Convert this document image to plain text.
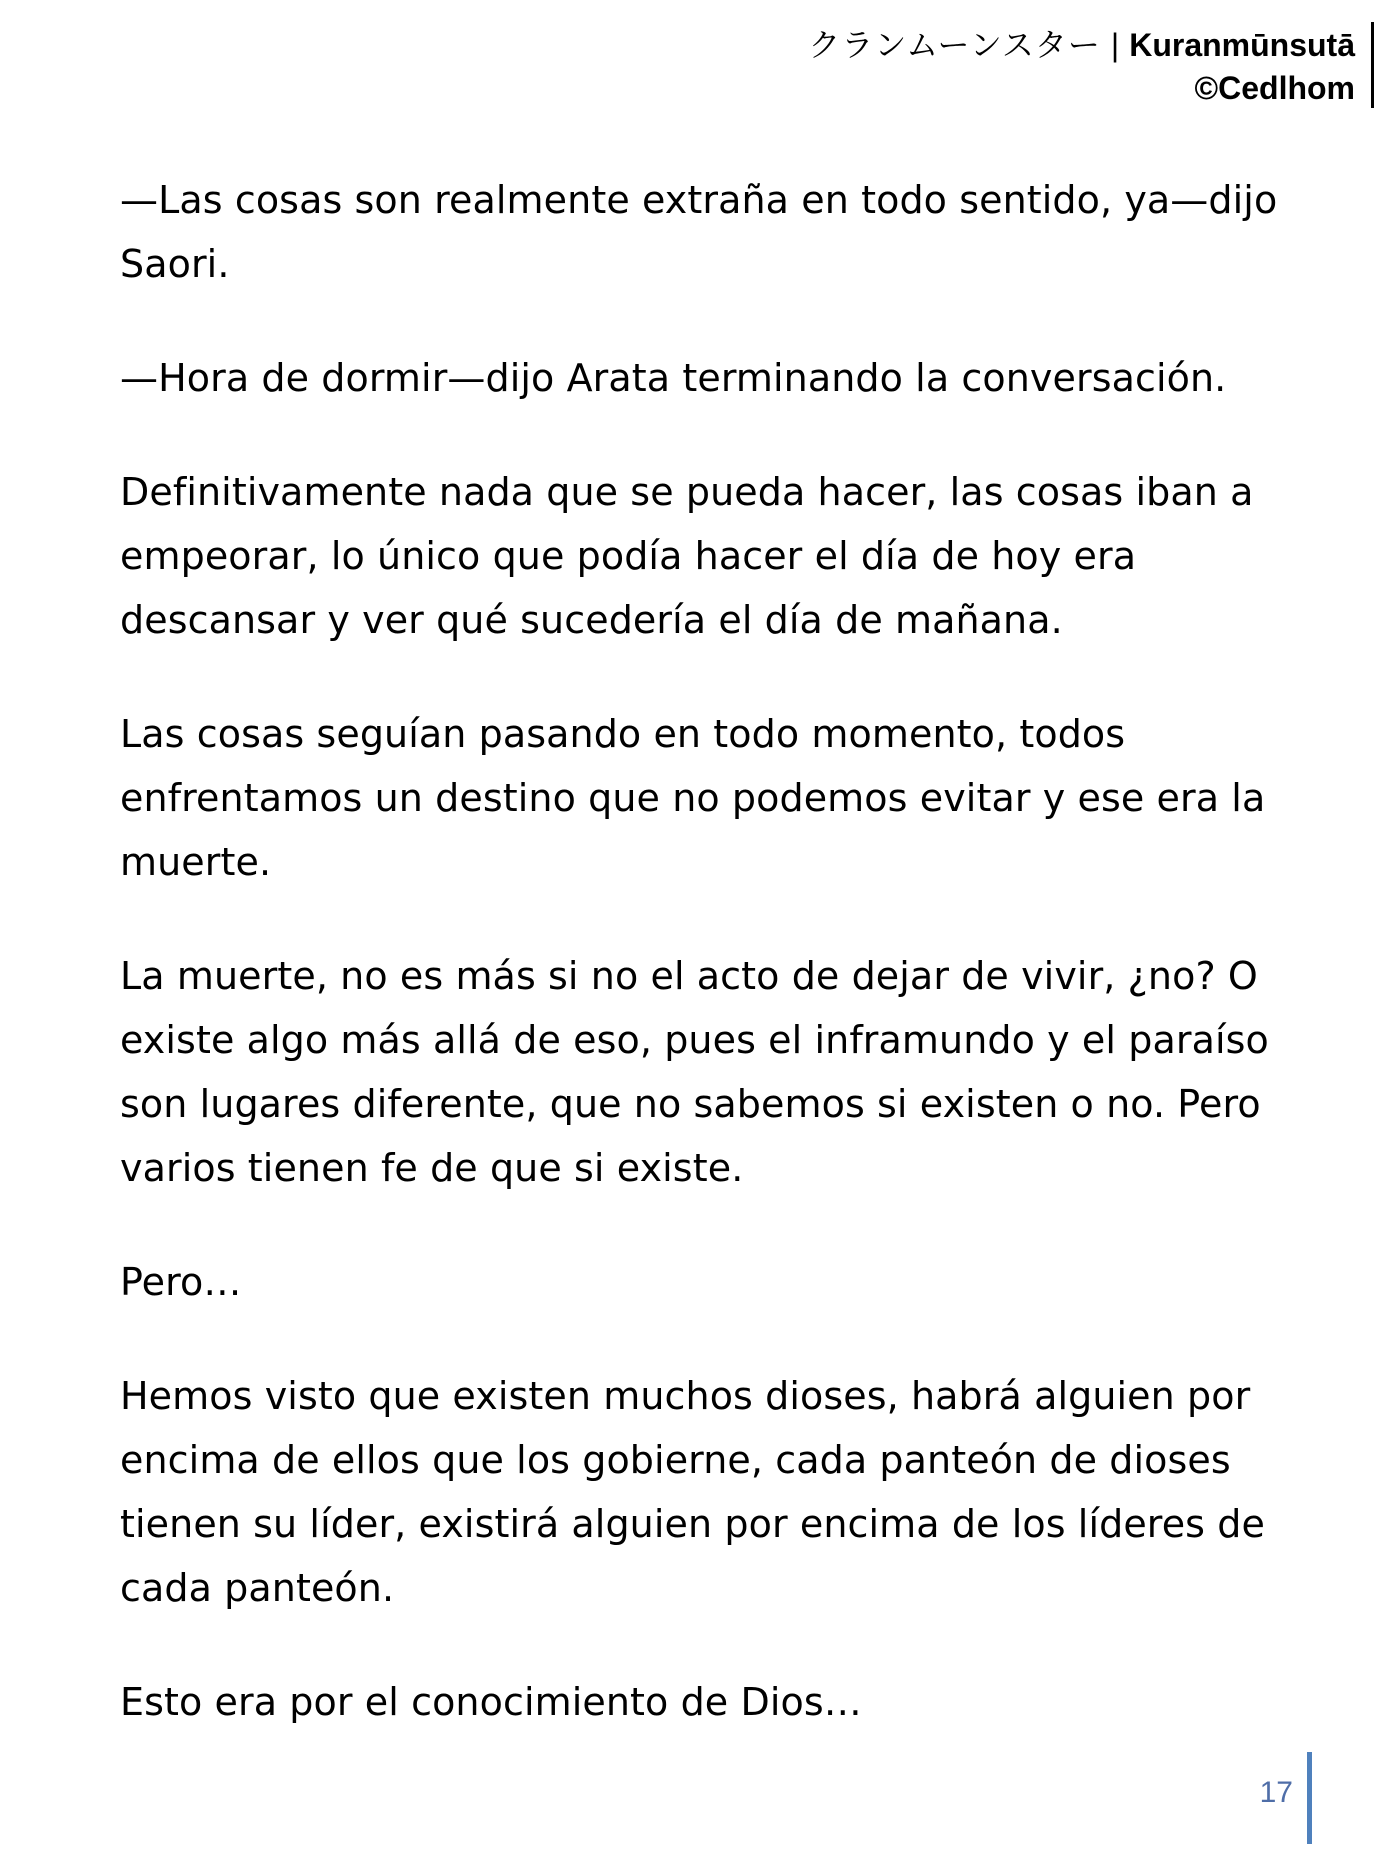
クランムーンスター | Kuranmūnsutā
©Cedlhom

—Las cosas son realmente extraña en todo sentido, ya—dijo Saori.

—Hora de dormir—dijo Arata terminando la conversación.

Definitivamente nada que se pueda hacer, las cosas iban a empeorar, lo único que podía hacer el día de hoy era descansar y ver qué sucedería el día de mañana.

Las cosas seguían pasando en todo momento, todos enfrentamos un destino que no podemos evitar y ese era la muerte.

La muerte, no es más si no el acto de dejar de vivir, ¿no? O existe algo más allá de eso, pues el inframundo y el paraíso son lugares diferente, que no sabemos si existen o no. Pero varios tienen fe de que si existe.

Pero…

Hemos visto que existen muchos dioses, habrá alguien por encima de ellos que los gobierne, cada panteón de dioses tienen su líder, existirá alguien por encima de los líderes de cada panteón.

Esto era por el conocimiento de Dios…

17
